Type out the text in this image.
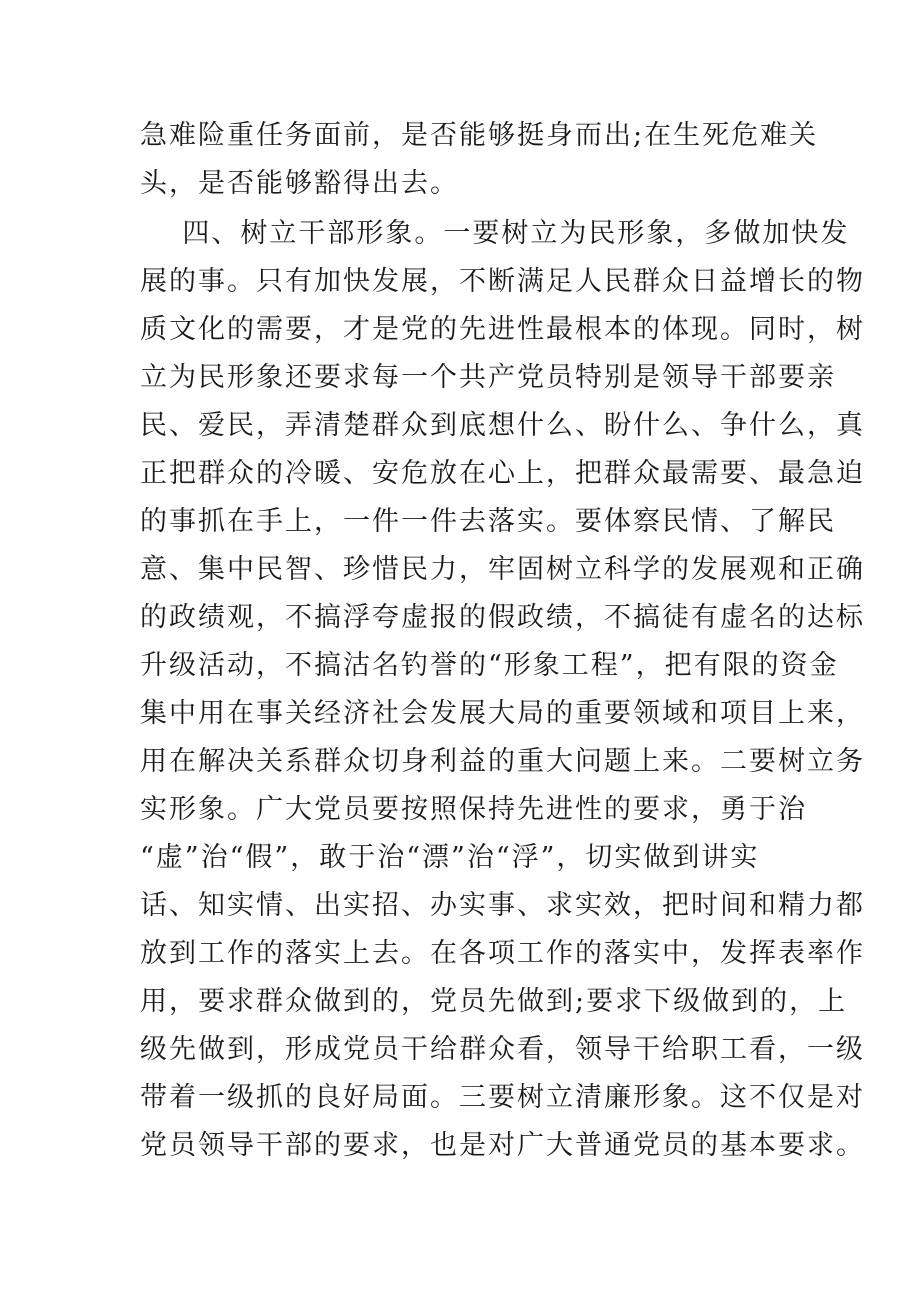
急难险重任务面前，是否能够挺身而出;在生死危难关
头，是否能够豁得出去。
四、树立干部形象。一要树立为民形象，多做加快发
展的事。只有加快发展，不断满足人民群众日益增长的物
质文化的需要，才是党的先进性最根本的体现。同时，树
立为民形象还要求每一个共产党员特别是领导干部要亲
民、爱民，弄清楚群众到底想什么、盼什么、争什么，真
正把群众的冷暖、安危放在心上，把群众最需要、最急迫
的事抓在手上，一件一件去落实。要体察民情、了解民
意、集中民智、珍惜民力，牢固树立科学的发展观和正确
的政绩观，不搞浮夸虚报的假政绩，不搞徒有虚名的达标
升级活动，不搞沽名钓誉的“形象工程”，把有限的资金
集中用在事关经济社会发展大局的重要领域和项目上来，
用在解决关系群众切身利益的重大问题上来。二要树立务
实形象。广大党员要按照保持先进性的要求，勇于治
“虚”治“假”，敢于治“漂”治“浮”，切实做到讲实
话、知实情、出实招、办实事、求实效，把时间和精力都
放到工作的落实上去。在各项工作的落实中，发挥表率作
用，要求群众做到的，党员先做到;要求下级做到的，上
级先做到，形成党员干给群众看，领导干给职工看，一级
带着一级抓的良好局面。三要树立清廉形象。这不仅是对
党员领导干部的要求，也是对广大普通党员的基本要求。
